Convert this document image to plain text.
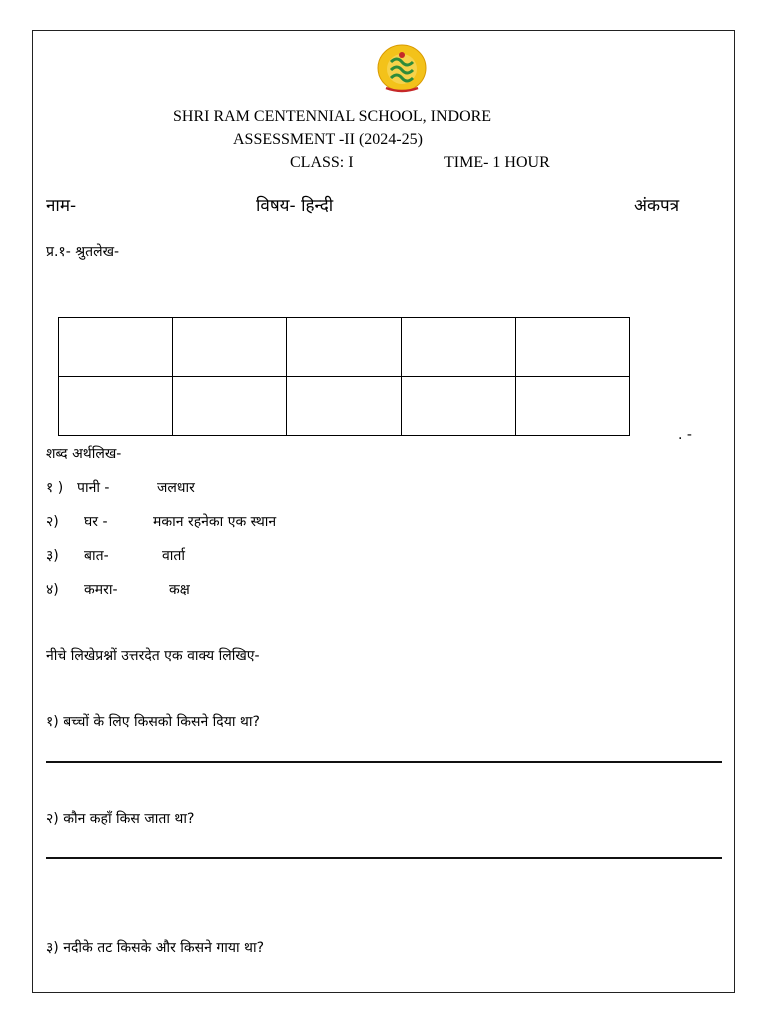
SHRI RAM CENTENNIAL SCHOOL, INDORE
ASSESSMENT -II (2024-25)
CLASS: I	TIME- 1 HOUR
नाम-	विषय- हिन्दी	अंकपत्र
प्र.१- श्रुतलेख-

. -
शब्द अर्थलिख-
१ ) पानी -	जलधार
२) घर -	मकान रहनेका एक स्थान
३) बात-	वार्ता
४) कमरा-	कक्ष
नीचे लिखेप्रश्नों उत्तरदेत एक वाक्य लिखिए-
१) बच्चों के लिए किसको किसने दिया था?
२) कौन कहाँ किस जाता था?
३) नदीके तट किसके और किसने गाया था?
